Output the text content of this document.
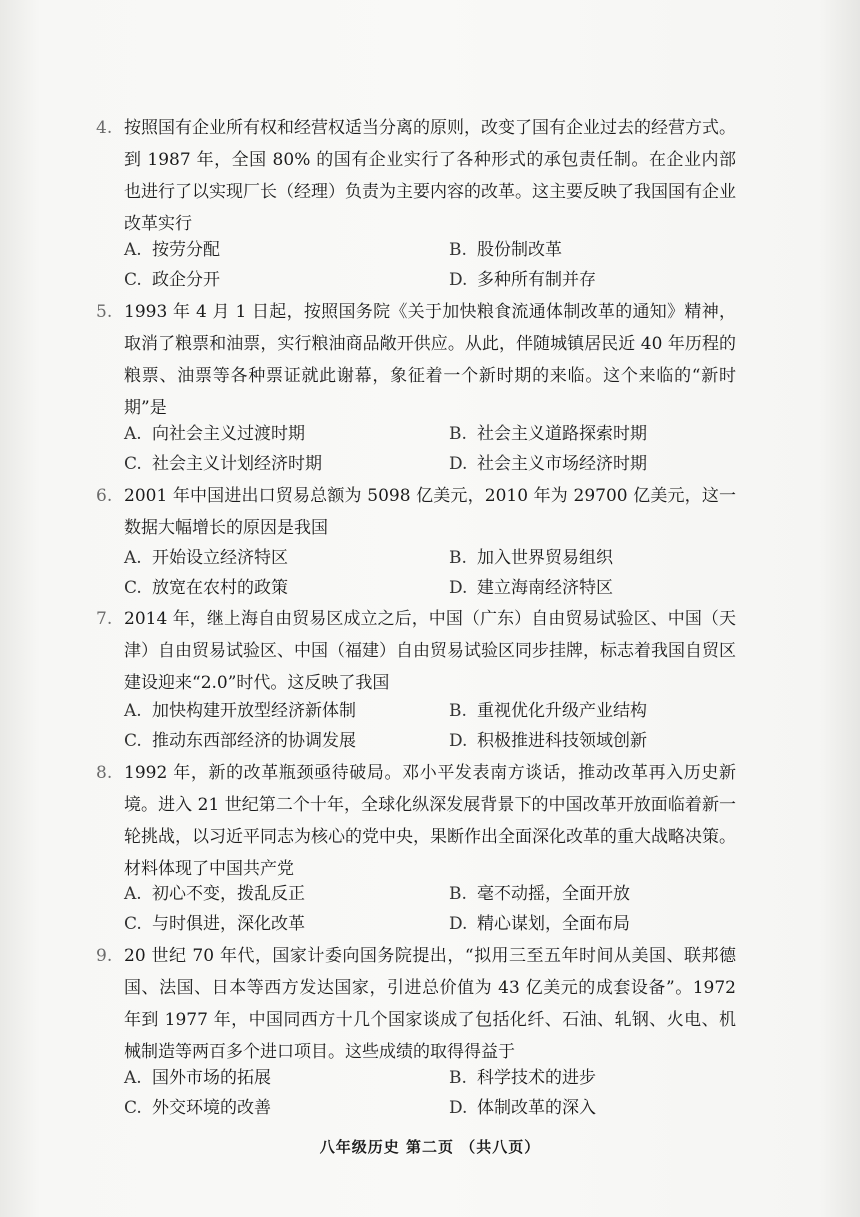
4. 按照国有企业所有权和经营权适当分离的原则，改变了国有企业过去的经营方式。到 1987 年，全国 80% 的国有企业实行了各种形式的承包责任制。在企业内部也进行了以实现厂长（经理）负责为主要内容的改革。这主要反映了我国国有企业改革实行
A. 按劳分配	B. 股份制改革
C. 政企分开	D. 多种所有制并存
5. 1993 年 4 月 1 日起，按照国务院《关于加快粮食流通体制改革的通知》精神，取消了粮票和油票，实行粮油商品敞开供应。从此，伴随城镇居民近 40 年历程的粮票、油票等各种票证就此谢幕，象征着一个新时期的来临。这个来临的“新时期”是
A. 向社会主义过渡时期	B. 社会主义道路探索时期
C. 社会主义计划经济时期	D. 社会主义市场经济时期
6. 2001 年中国进出口贸易总额为 5098 亿美元，2010 年为 29700 亿美元，这一数据大幅增长的原因是我国
A. 开始设立经济特区	B. 加入世界贸易组织
C. 放宽在农村的政策	D. 建立海南经济特区
7. 2014 年，继上海自由贸易区成立之后，中国（广东）自由贸易试验区、中国（天津）自由贸易试验区、中国（福建）自由贸易试验区同步挂牌，标志着我国自贸区建设迎来“2.0”时代。这反映了我国
A. 加快构建开放型经济新体制	B. 重视优化升级产业结构
C. 推动东西部经济的协调发展	D. 积极推进科技领域创新
8. 1992 年，新的改革瓶颈亟待破局。邓小平发表南方谈话，推动改革再入历史新境。进入 21 世纪第二个十年，全球化纵深发展背景下的中国改革开放面临着新一轮挑战，以习近平同志为核心的党中央，果断作出全面深化改革的重大战略决策。材料体现了中国共产党
A. 初心不变，拨乱反正	B. 毫不动摇，全面开放
C. 与时俱进，深化改革	D. 精心谋划，全面布局
9. 20 世纪 70 年代，国家计委向国务院提出，“拟用三至五年时间从美国、联邦德国、法国、日本等西方发达国家，引进总价值为 43 亿美元的成套设备”。1972 年到 1977 年，中国同西方十几个国家谈成了包括化纤、石油、轧钢、火电、机械制造等两百多个进口项目。这些成绩的取得得益于
A. 国外市场的拓展	B. 科学技术的进步
C. 外交环境的改善	D. 体制改革的深入
八年级历史 第二页 （共八页）
